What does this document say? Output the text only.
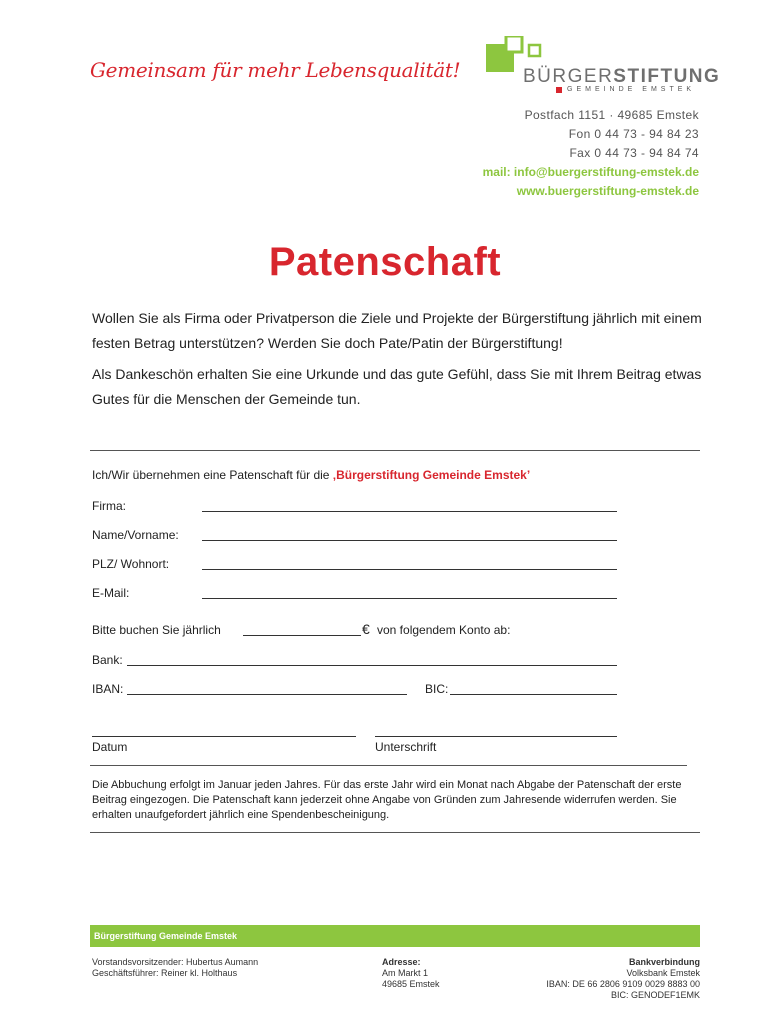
Gemeinsam für mehr Lebensqualität!	BÜRGERSTIFTUNG
GEMEINDE EMSTEK
Postfach 1151 · 49685 Emstek
Fon 0 44 73 - 94 84 23
Fax 0 44 73 - 94 84 74
mail: info@buergerstiftung-emstek.de
www.buergerstiftung-emstek.de
Patenschaft
Wollen Sie als Firma oder Privatperson die Ziele und Projekte der Bürgerstiftung jährlich mit einem festen Betrag unterstützen? Werden Sie doch Pate/Patin der Bürgerstiftung!
Als Dankeschön erhalten Sie eine Urkunde und das gute Gefühl, dass Sie mit Ihrem Beitrag etwas Gutes für die Menschen der Gemeinde tun.
Ich/Wir übernehmen eine Patenschaft für die ‚Bürgerstiftung Gemeinde Emstek’
Firma:
Name/Vorname:
PLZ/ Wohnort:
E-Mail:
Bitte buchen Sie jährlich	€ von folgendem Konto ab:
Bank:
IBAN:	BIC:
Datum	Unterschrift
Die Abbuchung erfolgt im Januar jeden Jahres. Für das erste Jahr wird ein Monat nach Abgabe der Patenschaft der erste Beitrag eingezogen. Die Patenschaft kann jederzeit ohne Angabe von Gründen zum Jahresende widerrufen werden. Sie erhalten unaufgefordert jährlich eine Spendenbescheinigung.
Bürgerstiftung Gemeinde Emstek
Vorstandsvorsitzender: Hubertus Aumann
Geschäftsführer: Reiner kl. Holthaus
Adresse:
Am Markt 1
49685 Emstek
Bankverbindung
Volksbank Emstek
IBAN: DE 66 2806 9109 0029 8883 00
BIC: GENODEF1EMK
